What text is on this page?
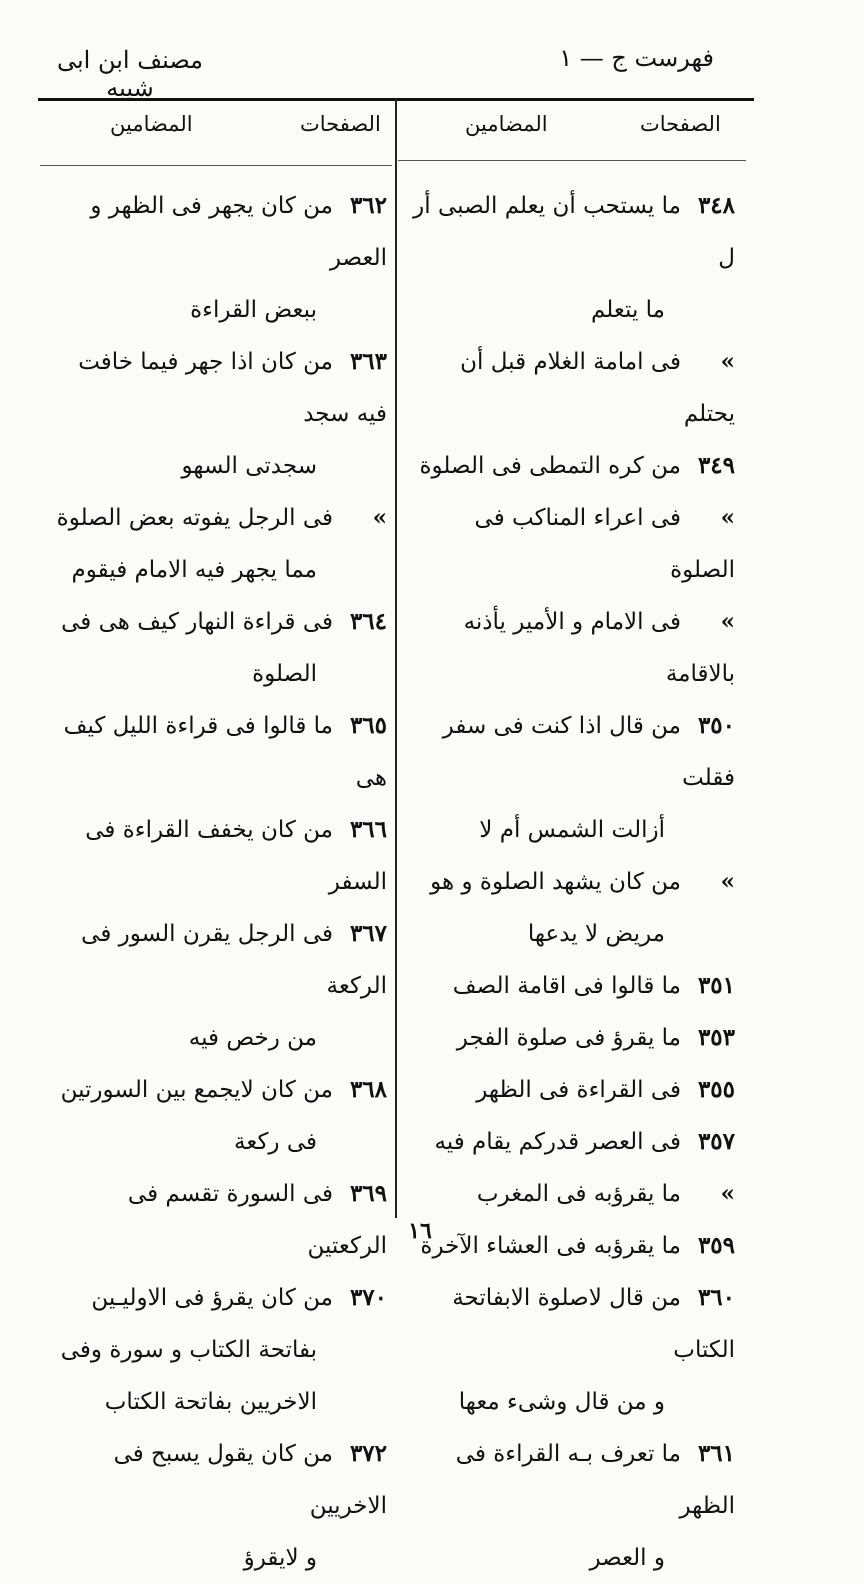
مصنف ابن ابى شيبه
فهرست ج — ١
المضامين	الصفحات	المضامين	الصفحات
٣٤٨ما يستحب أن يعلم الصبى أر ل
ما يتعلم
»فى امامة الغلام قبل أن يحتلم
٣٤٩من كره التمطى فى الصلوة
»فى اعراء المناكب فى الصلوة
»فى الامام و الأمير يأذنه بالاقامة
٣٥٠من قال اذا كنت فى سفر فقلت
أزالت الشمس أم لا
»من كان يشهد الصلوة و هو
مريض لا يدعها
٣٥١ما قالوا فى اقامة الصف
٣٥٣ما يقرؤ فى صلوة الفجر
٣٥٥فى القراءة فى الظهر
٣٥٧فى العصر قدركم يقام فيه
»ما يقرؤبه فى المغرب
٣٥٩ما يقرؤبه فى العشاء الآخرة
٣٦٠من قال لاصلوة الابفاتحة الكتاب
و من قال وشىء معها
٣٦١ما تعرف بـه القراءة فى الظهر
و العصر
٣٦٢من كان يجهر فى الظهر و العصر
ببعض القراءة
٣٦٣من كان اذا جهر فيما خافت فيه سجد
سجدتى السهو
»فى الرجل يفوته بعض الصلوة
مما يجهر فيه الامام فيقوم
٣٦٤فى قراءة النهار كيف هى فى
الصلوة
٣٦٥ما قالوا فى قراءة الليل كيف هى
٣٦٦من كان يخفف القراءة فى السفر
٣٦٧فى الرجل يقرن السور فى الركعة
من رخص فيه
٣٦٨من كان لايجمع بين السورتين
فى ركعة
٣٦٩فى السورة تقسم فى الركعتين
٣٧٠من كان يقرؤ فى الاوليـين
بفاتحة الكتاب و سورة وفى
الاخريين بفاتحة الكتاب
٣٧٢من كان يقول يسبح فى الاخريين
و لايقرؤ
١٦
